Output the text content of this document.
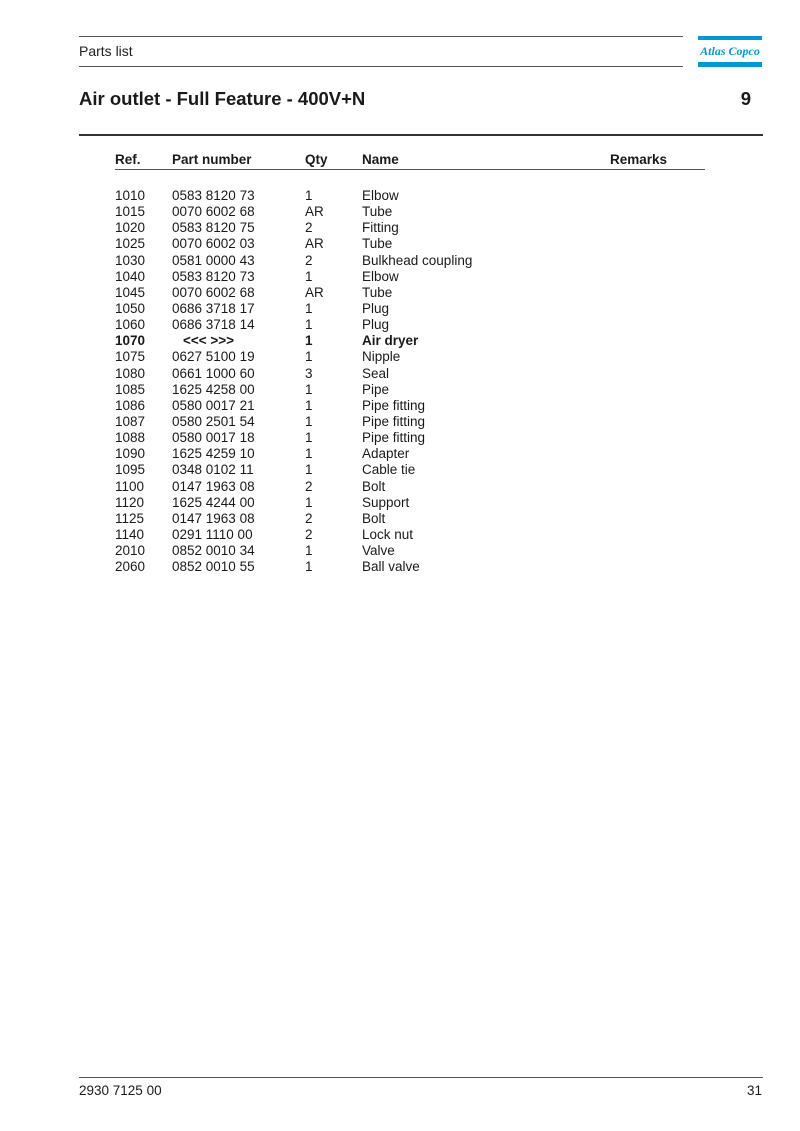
Parts list	Atlas Copco
Air outlet - Full Feature - 400V+N	9
Ref. Part number	Qty	Name	Remarks
1010 0583 8120 73	1	Elbow
1015 0070 6002 68	AR	Tube
1020 0583 8120 75	2	Fitting
1025 0070 6002 03	AR	Tube
1030 0581 0000 43	2	Bulkhead coupling
1040 0583 8120 73	1	Elbow
1045 0070 6002 68	AR	Tube
1050 0686 3718 17	1	Plug
1060 0686 3718 14	1	Plug
1070	<<< >>>	1	Air dryer
1075 0627 5100 19	1	Nipple
1080 0661 1000 60	3	Seal
1085 1625 4258 00	1	Pipe
1086 0580 0017 21	1	Pipe fitting
1087 0580 2501 54	1	Pipe fitting
1088 0580 0017 18	1	Pipe fitting
1090 1625 4259 10	1	Adapter
1095 0348 0102 11	1	Cable tie
1100 0147 1963 08	2	Bolt
1120 1625 4244 00	1	Support
1125 0147 1963 08	2	Bolt
1140 0291 1110 00	2	Lock nut
2010 0852 0010 34	1	Valve
2060 0852 0010 55	1	Ball valve
2930 7125 00	31
